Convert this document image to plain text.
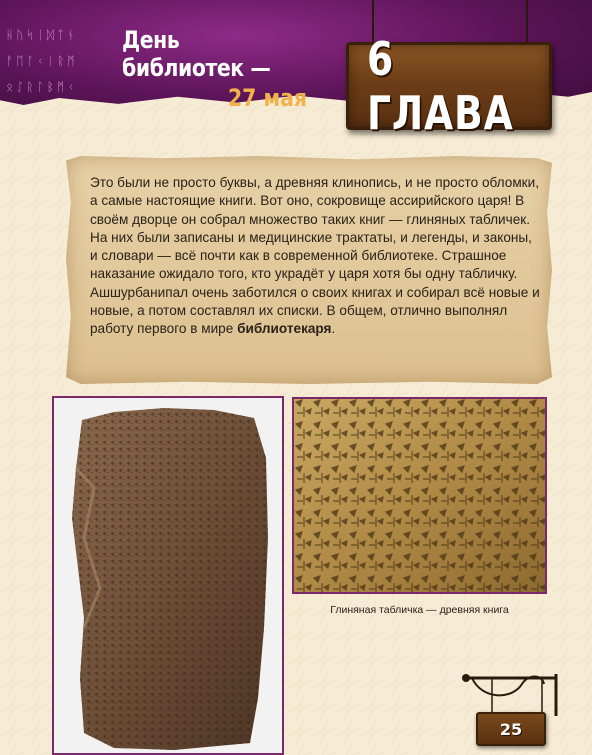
ᚺᚢᛋᛁᛞᛏᚾ
ᚨᛖᛚᚲᛁᚱᛗ
ᛟᛇᚱᛚᛒᛗᚲ
День библиотек —
27 мая
6 ГЛАВА
Это были не просто буквы, а древняя клинопись, и не просто обломки, а самые настоящие книги. Вот оно, сокровище ассирийского царя! В своём дворце он собрал множество таких книг — глиняных табличек.
На них были записаны и медицинские трактаты, и легенды, и законы, и словари — всё почти как в современной библиотеке. Страшное наказание ожидало того, кто украдёт у царя хотя бы одну табличку. Ашшурбанипал очень заботился о своих книгах и собирал всё новые и новые, а потом составлял их списки. В общем, отлично выполнял работу первого в мире библиотекаря.
Глиняная табличка — древняя книга
25
